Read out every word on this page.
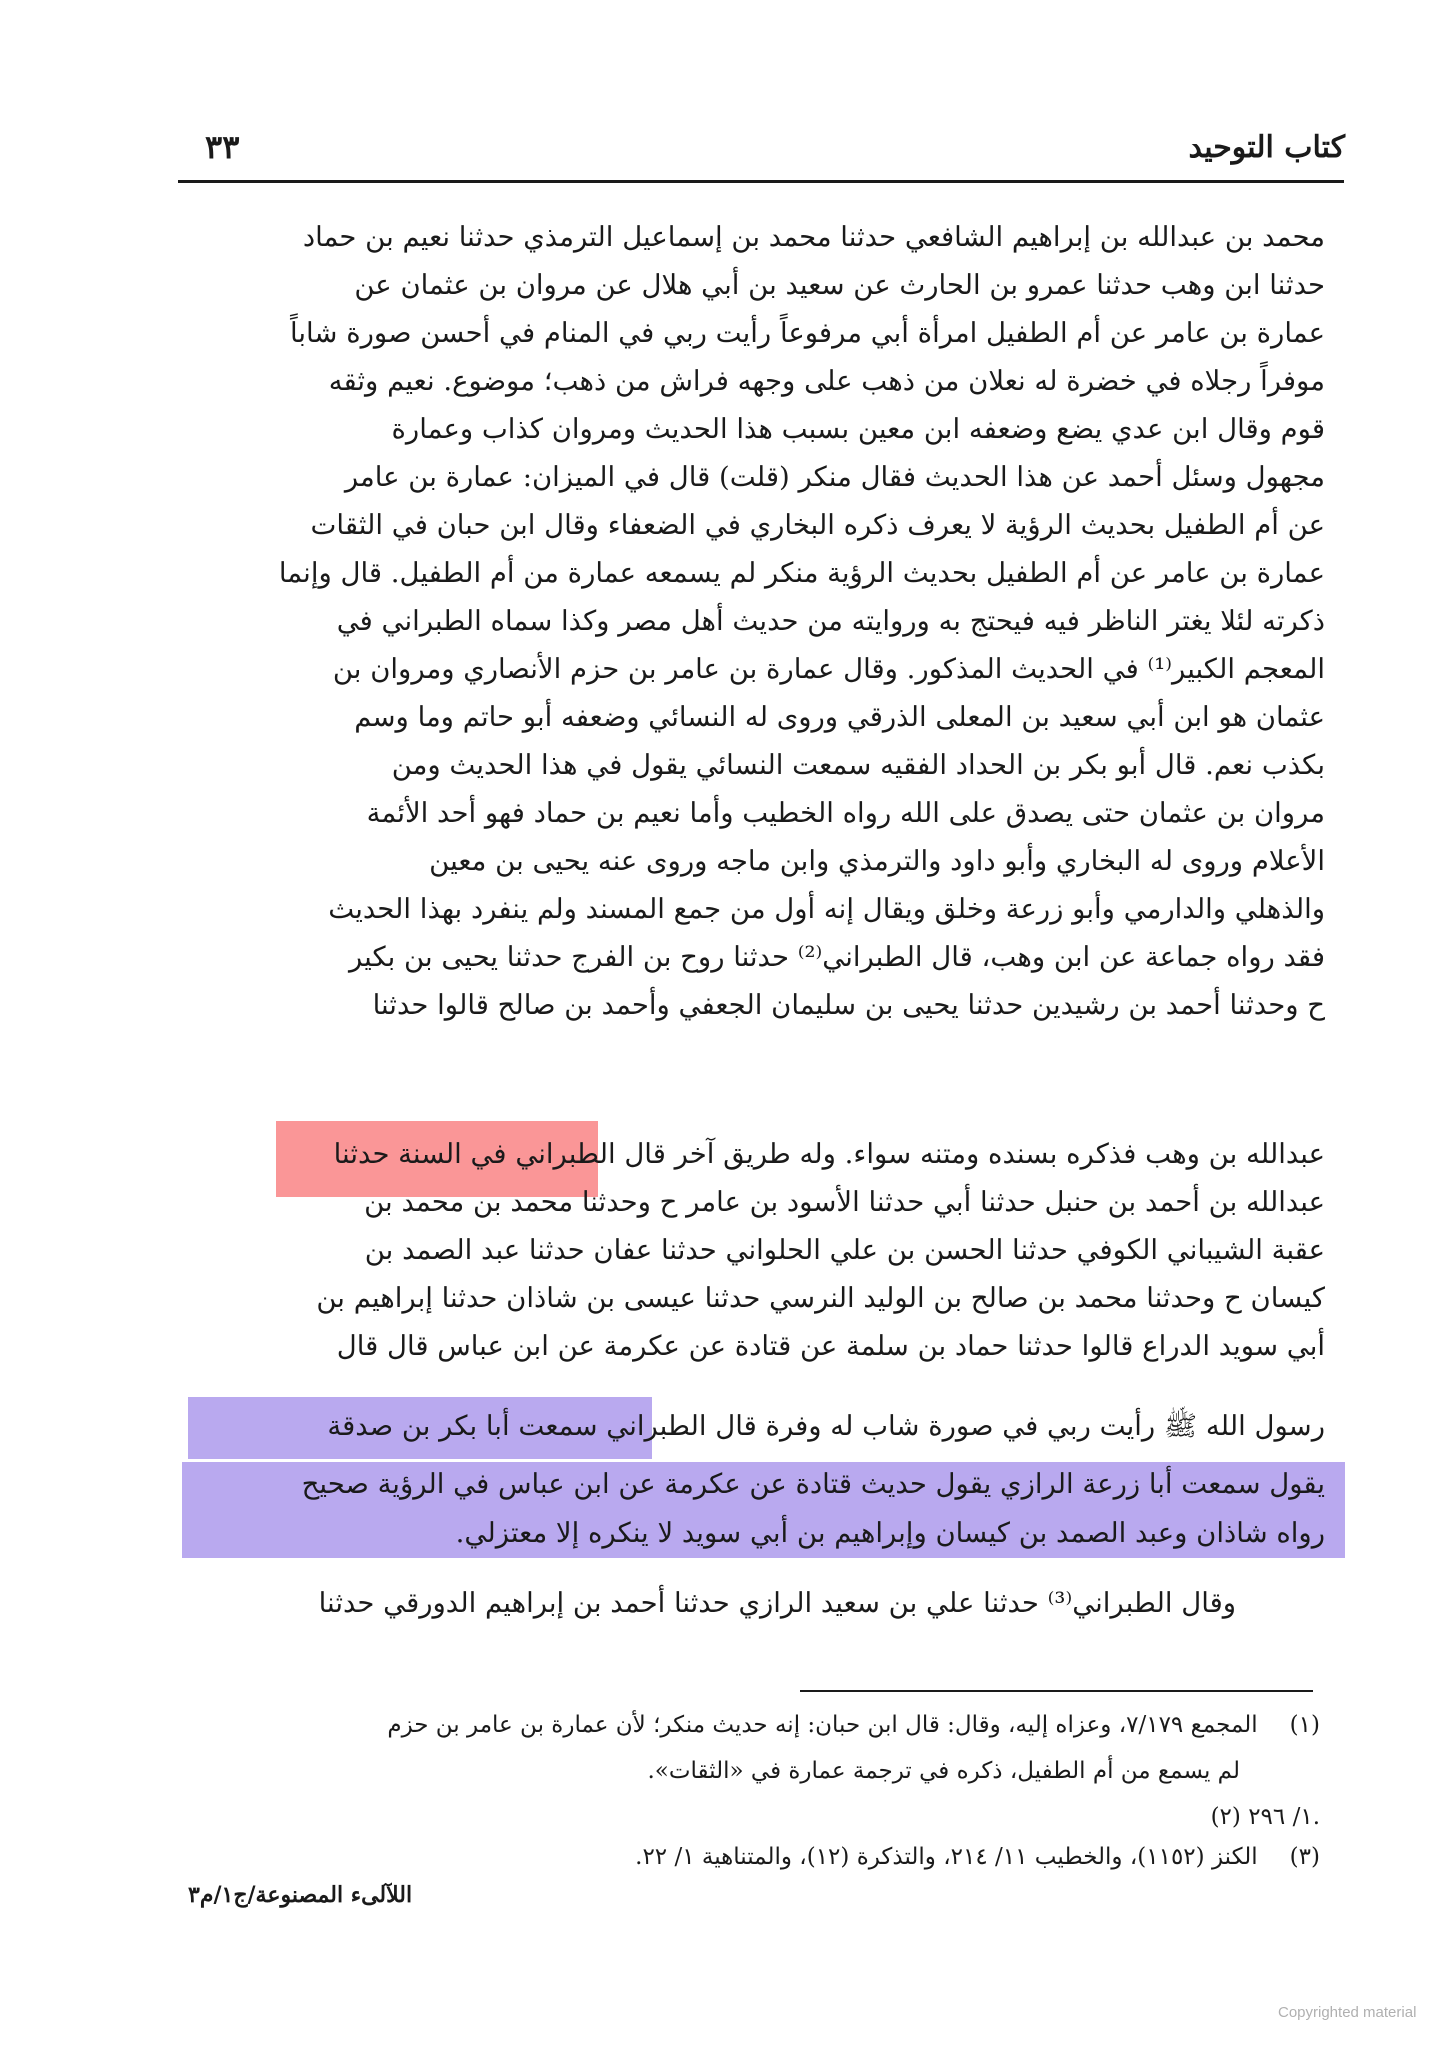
كتاب التوحيد
٣٣
محمد بن عبدالله بن إبراهيم الشافعي حدثنا محمد بن إسماعيل الترمذي حدثنا نعيم بن حماد
حدثنا ابن وهب حدثنا عمرو بن الحارث عن سعيد بن أبي هلال عن مروان بن عثمان عن
عمارة بن عامر عن أم الطفيل امرأة أبي مرفوعاً رأيت ربي في المنام في أحسن صورة شاباً
موفراً رجلاه في خضرة له نعلان من ذهب على وجهه فراش من ذهب؛ موضوع. نعيم وثقه
قوم وقال ابن عدي يضع وضعفه ابن معين بسبب هذا الحديث ومروان كذاب وعمارة
مجهول وسئل أحمد عن هذا الحديث فقال منكر (قلت) قال في الميزان: عمارة بن عامر
عن أم الطفيل بحديث الرؤية لا يعرف ذكره البخاري في الضعفاء وقال ابن حبان في الثقات
عمارة بن عامر عن أم الطفيل بحديث الرؤية منكر لم يسمعه عمارة من أم الطفيل. قال وإنما
ذكرته لئلا يغتر الناظر فيه فيحتج به وروايته من حديث أهل مصر وكذا سماه الطبراني في
المعجم الكبير⁽¹⁾ في الحديث المذكور. وقال عمارة بن عامر بن حزم الأنصاري ومروان بن
عثمان هو ابن أبي سعيد بن المعلى الذرقي وروى له النسائي وضعفه أبو حاتم وما وسم
بكذب نعم. قال أبو بكر بن الحداد الفقيه سمعت النسائي يقول في هذا الحديث ومن
مروان بن عثمان حتى يصدق على الله رواه الخطيب وأما نعيم بن حماد فهو أحد الأئمة
الأعلام وروى له البخاري وأبو داود والترمذي وابن ماجه وروى عنه يحيى بن معين
والذهلي والدارمي وأبو زرعة وخلق ويقال إنه أول من جمع المسند ولم ينفرد بهذا الحديث
فقد رواه جماعة عن ابن وهب، قال الطبراني⁽²⁾ حدثنا روح بن الفرج حدثنا يحيى بن بكير
ح وحدثنا أحمد بن رشيدين حدثنا يحيى بن سليمان الجعفي وأحمد بن صالح قالوا حدثنا
عبدالله بن وهب فذكره بسنده ومتنه سواء. وله طريق آخر قال الطبراني في السنة حدثنا
عبدالله بن أحمد بن حنبل حدثنا أبي حدثنا الأسود بن عامر ح وحدثنا محمد بن محمد بن
عقبة الشيباني الكوفي حدثنا الحسن بن علي الحلواني حدثنا عفان حدثنا عبد الصمد بن
كيسان ح وحدثنا محمد بن صالح بن الوليد النرسي حدثنا عيسى بن شاذان حدثنا إبراهيم بن
أبي سويد الدراع قالوا حدثنا حماد بن سلمة عن قتادة عن عكرمة عن ابن عباس قال قال
رسول الله ﷺ رأيت ربي في صورة شاب له وفرة قال الطبراني سمعت أبا بكر بن صدقة
يقول سمعت أبا زرعة الرازي يقول حديث قتادة عن عكرمة عن ابن عباس في الرؤية صحيح
رواه شاذان وعبد الصمد بن كيسان وإبراهيم بن أبي سويد لا ينكره إلا معتزلي.
وقال الطبراني⁽³⁾ حدثنا علي بن سعيد الرازي حدثنا أحمد بن إبراهيم الدورقي حدثنا
(١) المجمع ٧/١٧٩، وعزاه إليه، وقال: قال ابن حبان: إنه حديث منكر؛ لأن عمارة بن عامر بن حزم
لم يسمع من أم الطفيل، ذكره في ترجمة عمارة في «الثقات».
(٢) ١/ ٢٩٦.
(٣) الكنز (١١٥٢)، والخطيب ١١/ ٢١٤، والتذكرة (١٢)، والمتناهية ١/ ٢٢.
اللآلىء المصنوعة/ج١/م٣
Copyrighted material
